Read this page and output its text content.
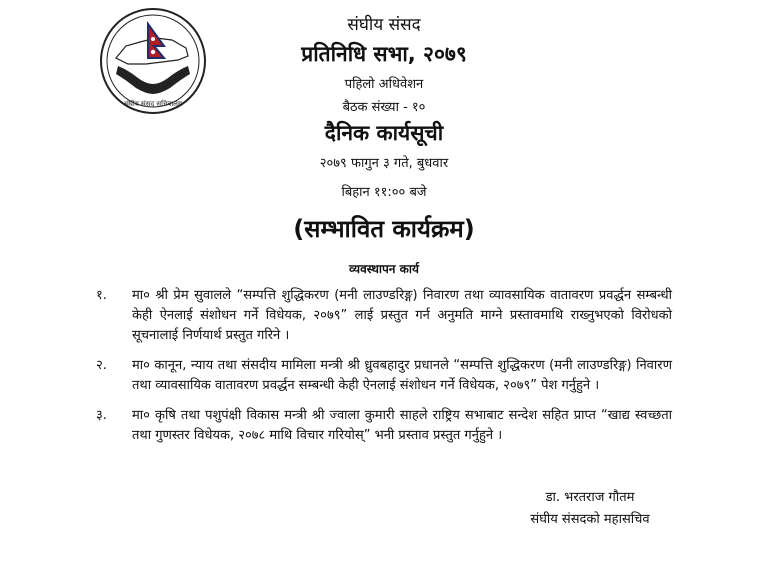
संघीय संसद सचिवालय
संघीय संसद
प्रतिनिधि सभा, २०७९
पहिलो अधिवेशन
बैठक संख्या - १०
दैनिक कार्यसूची
२०७९ फागुन ३ गते, बुधवार
बिहान ११:०० बजे
(सम्भावित कार्यक्रम)
व्यवस्थापन कार्य
१.	मा० श्री प्रेम सुवालले “सम्पत्ति शुद्धिकरण (मनी लाउण्डरिङ्ग) निवारण तथा व्यावसायिक वातावरण प्रवर्द्धन सम्बन्धी केही ऐनलाई संशोधन गर्ने विधेयक, २०७९” लाई प्रस्तुत गर्न अनुमति माग्ने प्रस्तावमाथि राख्नुभएको विरोधको सूचनालाई निर्णयार्थ प्रस्तुत गरिने ।
२.	मा० कानून, न्याय तथा संसदीय मामिला मन्त्री श्री ध्रुवबहादुर प्रधानले “सम्पत्ति शुद्धिकरण (मनी लाउण्डरिङ्ग) निवारण तथा व्यावसायिक वातावरण प्रवर्द्धन सम्बन्धी केही ऐनलाई संशोधन गर्ने विधेयक, २०७९” पेश गर्नुहुने ।
३.	मा० कृषि तथा पशुपंक्षी विकास मन्त्री श्री ज्वाला कुमारी साहले राष्ट्रिय सभाबाट सन्देश सहित प्राप्त “खाद्य स्वच्छता तथा गुणस्तर विधेयक, २०७८ माथि विचार गरियोस्” भनी प्रस्ताव प्रस्तुत गर्नुहुने ।
डा. भरतराज गौतम
संघीय संसदको महासचिव
